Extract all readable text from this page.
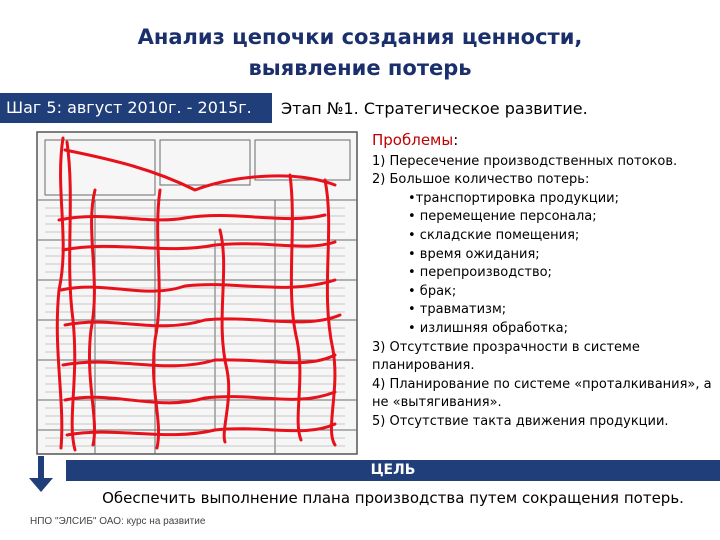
Анализ цепочки создания ценности,
выявление потерь
Шаг 5: август 2010г. - 2015г.	Этап №1. Стратегическое развитие.
Проблемы:
1) Пересечение производственных потоков.
2) Большое количество потерь:
•транспортировка продукции;
• перемещение персонала;
• складские помещения;
• время ожидания;
• перепроизводство;
• брак;
• травматизм;
• излишняя обработка;
3) Отсутствие прозрачности в системе планирования.
4) Планирование по системе «проталкивания», а не «вытягивания».
5) Отсутствие такта движения продукции.
ЦЕЛЬ
Обеспечить выполнение плана производства путем сокращения потерь.
НПО "ЭЛСИБ" ОАО: курс на развитие
